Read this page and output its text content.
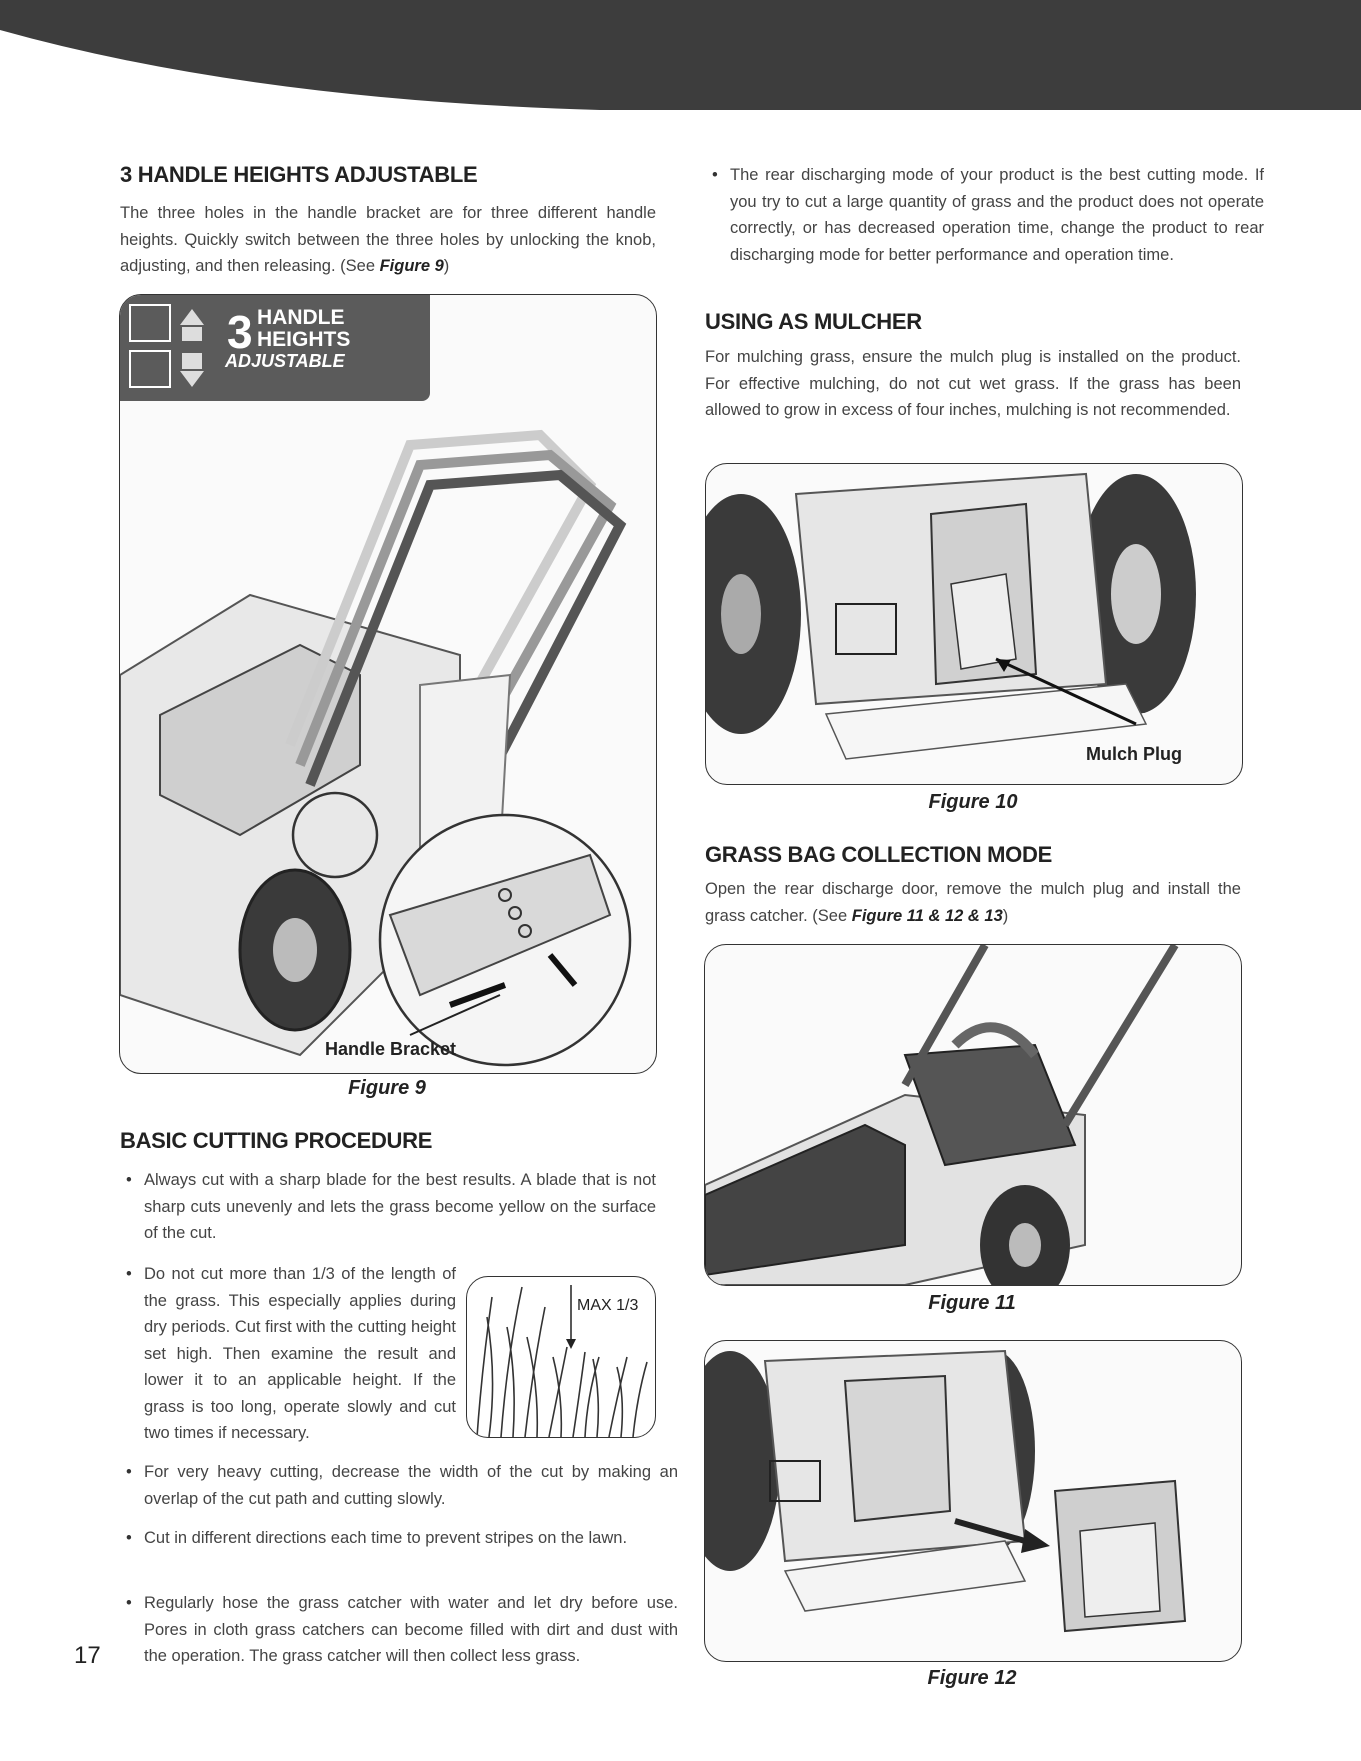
3 HANDLE HEIGHTS ADJUSTABLE

The three holes in the handle bracket are for three different handle heights. Quickly switch between the three holes by unlocking the knob, adjusting, and then releasing. (See Figure 9)

3 HANDLE
HEIGHTS
ADJUSTABLE
Handle Bracket
Figure 9
BASIC CUTTING PROCEDURE

• Always cut with a sharp blade for the best results. A blade that is not sharp cuts unevenly and lets the grass become yellow on the surface of the cut.

• Do not cut more than 1/3 of the length of the grass. This especially applies during dry periods. Cut first with the cutting height set high. Then examine the result and lower it to an applicable height. If the grass is too long, operate slowly and cut two times if necessary.

MAX 1/3

• For very heavy cutting, decrease the width of the cut by making an overlap of the cut path and cutting slowly.

• Cut in different directions each time to prevent stripes on the lawn.

• Regularly hose the grass catcher with water and let dry before use. Pores in cloth grass catchers can become filled with dirt and dust with the operation. The grass catcher will then collect less grass.

17

• The rear discharging mode of your product is the best cutting mode. If you try to cut a large quantity of grass and the product does not operate correctly, or has decreased operation time, change the product to rear discharging mode for better performance and operation time.

USING AS MULCHER

For mulching grass, ensure the mulch plug is installed on the product. For effective mulching, do not cut wet grass. If the grass has been allowed to grow in excess of four inches, mulching is not recommended.

Mulch Plug
Figure 10
GRASS BAG COLLECTION MODE

Open the rear discharge door, remove the mulch plug and install the grass catcher. (See Figure 11 & 12 & 13)

Figure 11
Figure 12
